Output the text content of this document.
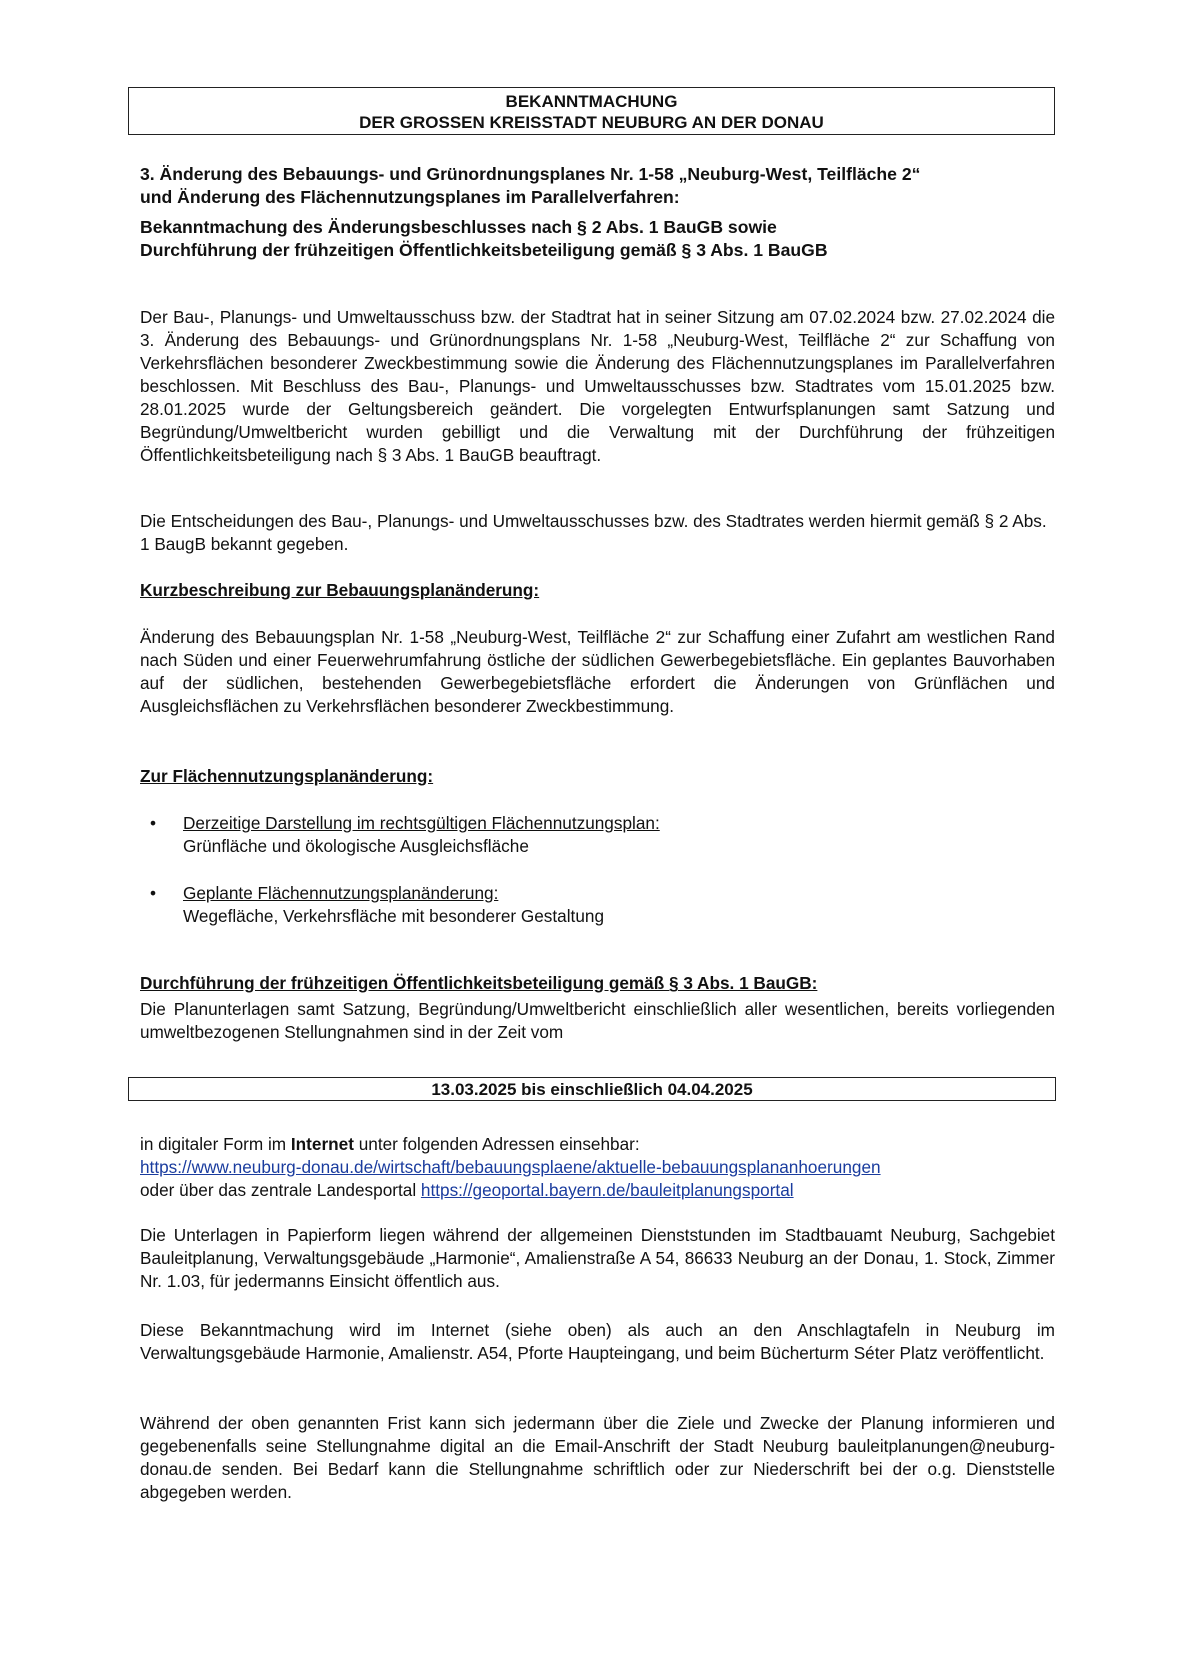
BEKANNTMACHUNG
DER GROSSEN KREISSTADT NEUBURG AN DER DONAU
3. Änderung des Bebauungs- und Grünordnungsplanes Nr. 1-58 „Neuburg-West, Teilfläche 2“
und Änderung des Flächennutzungsplanes im Parallelverfahren:
Bekanntmachung des Änderungsbeschlusses nach § 2 Abs. 1 BauGB sowie
Durchführung der frühzeitigen Öffentlichkeitsbeteiligung gemäß § 3 Abs. 1 BauGB
Der Bau-, Planungs- und Umweltausschuss bzw. der Stadtrat hat in seiner Sitzung am 07.02.2024 bzw. 27.02.2024 die 3. Änderung des Bebauungs- und Grünordnungsplans Nr. 1-58 „Neuburg-West, Teilfläche 2“ zur Schaffung von Verkehrsflächen besonderer Zweckbestimmung sowie die Änderung des Flächennutzungsplanes im Parallelverfahren beschlossen. Mit Beschluss des Bau-, Planungs- und Umweltausschusses bzw. Stadtrates vom 15.01.2025 bzw. 28.01.2025 wurde der Geltungsbereich geändert. Die vorgelegten Entwurfsplanungen samt Satzung und Begründung/Umweltbericht wurden gebilligt und die Verwaltung mit der Durchführung der frühzeitigen Öffentlichkeitsbeteiligung nach § 3 Abs. 1 BauGB beauftragt.
Die Entscheidungen des Bau-, Planungs- und Umweltausschusses bzw. des Stadtrates werden hiermit gemäß § 2 Abs. 1 BaugB bekannt gegeben.
Kurzbeschreibung zur Bebauungsplanänderung:
Änderung des Bebauungsplan Nr. 1-58 „Neuburg-West, Teilfläche 2“ zur Schaffung einer Zufahrt am westlichen Rand nach Süden und einer Feuerwehrumfahrung östliche der südlichen Gewerbegebietsfläche. Ein geplantes Bauvorhaben auf der südlichen, bestehenden Gewerbegebietsfläche erfordert die Änderungen von Grünflächen und Ausgleichsflächen zu Verkehrsflächen besonderer Zweckbestimmung.
Zur Flächennutzungsplanänderung:
• Derzeitige Darstellung im rechtsgültigen Flächennutzungsplan:
Grünfläche und ökologische Ausgleichsfläche
• Geplante Flächennutzungsplanänderung:
Wegefläche, Verkehrsfläche mit besonderer Gestaltung
Durchführung der frühzeitigen Öffentlichkeitsbeteiligung gemäß § 3 Abs. 1 BauGB:
Die Planunterlagen samt Satzung, Begründung/Umweltbericht einschließlich aller wesentlichen, bereits vorliegenden umweltbezogenen Stellungnahmen sind in der Zeit vom
13.03.2025 bis einschließlich 04.04.2025
in digitaler Form im Internet unter folgenden Adressen einsehbar:
https://www.neuburg-donau.de/wirtschaft/bebauungsplaene/aktuelle-bebauungsplananhoerungen
oder über das zentrale Landesportal https://geoportal.bayern.de/bauleitplanungsportal
Die Unterlagen in Papierform liegen während der allgemeinen Dienststunden im Stadtbauamt Neuburg, Sachgebiet Bauleitplanung, Verwaltungsgebäude „Harmonie“, Amalienstraße A 54, 86633 Neuburg an der Donau, 1. Stock, Zimmer Nr. 1.03, für jedermanns Einsicht öffentlich aus.
Diese Bekanntmachung wird im Internet (siehe oben) als auch an den Anschlagtafeln in Neuburg im Verwaltungsgebäude Harmonie, Amalienstr. A54, Pforte Haupteingang, und beim Bücherturm Séter Platz veröffentlicht.
Während der oben genannten Frist kann sich jedermann über die Ziele und Zwecke der Planung informieren und gegebenenfalls seine Stellungnahme digital an die Email-Anschrift der Stadt Neuburg bauleitplanungen@neuburg-donau.de senden. Bei Bedarf kann die Stellungnahme schriftlich oder zur Niederschrift bei der o.g. Dienststelle abgegeben werden.
